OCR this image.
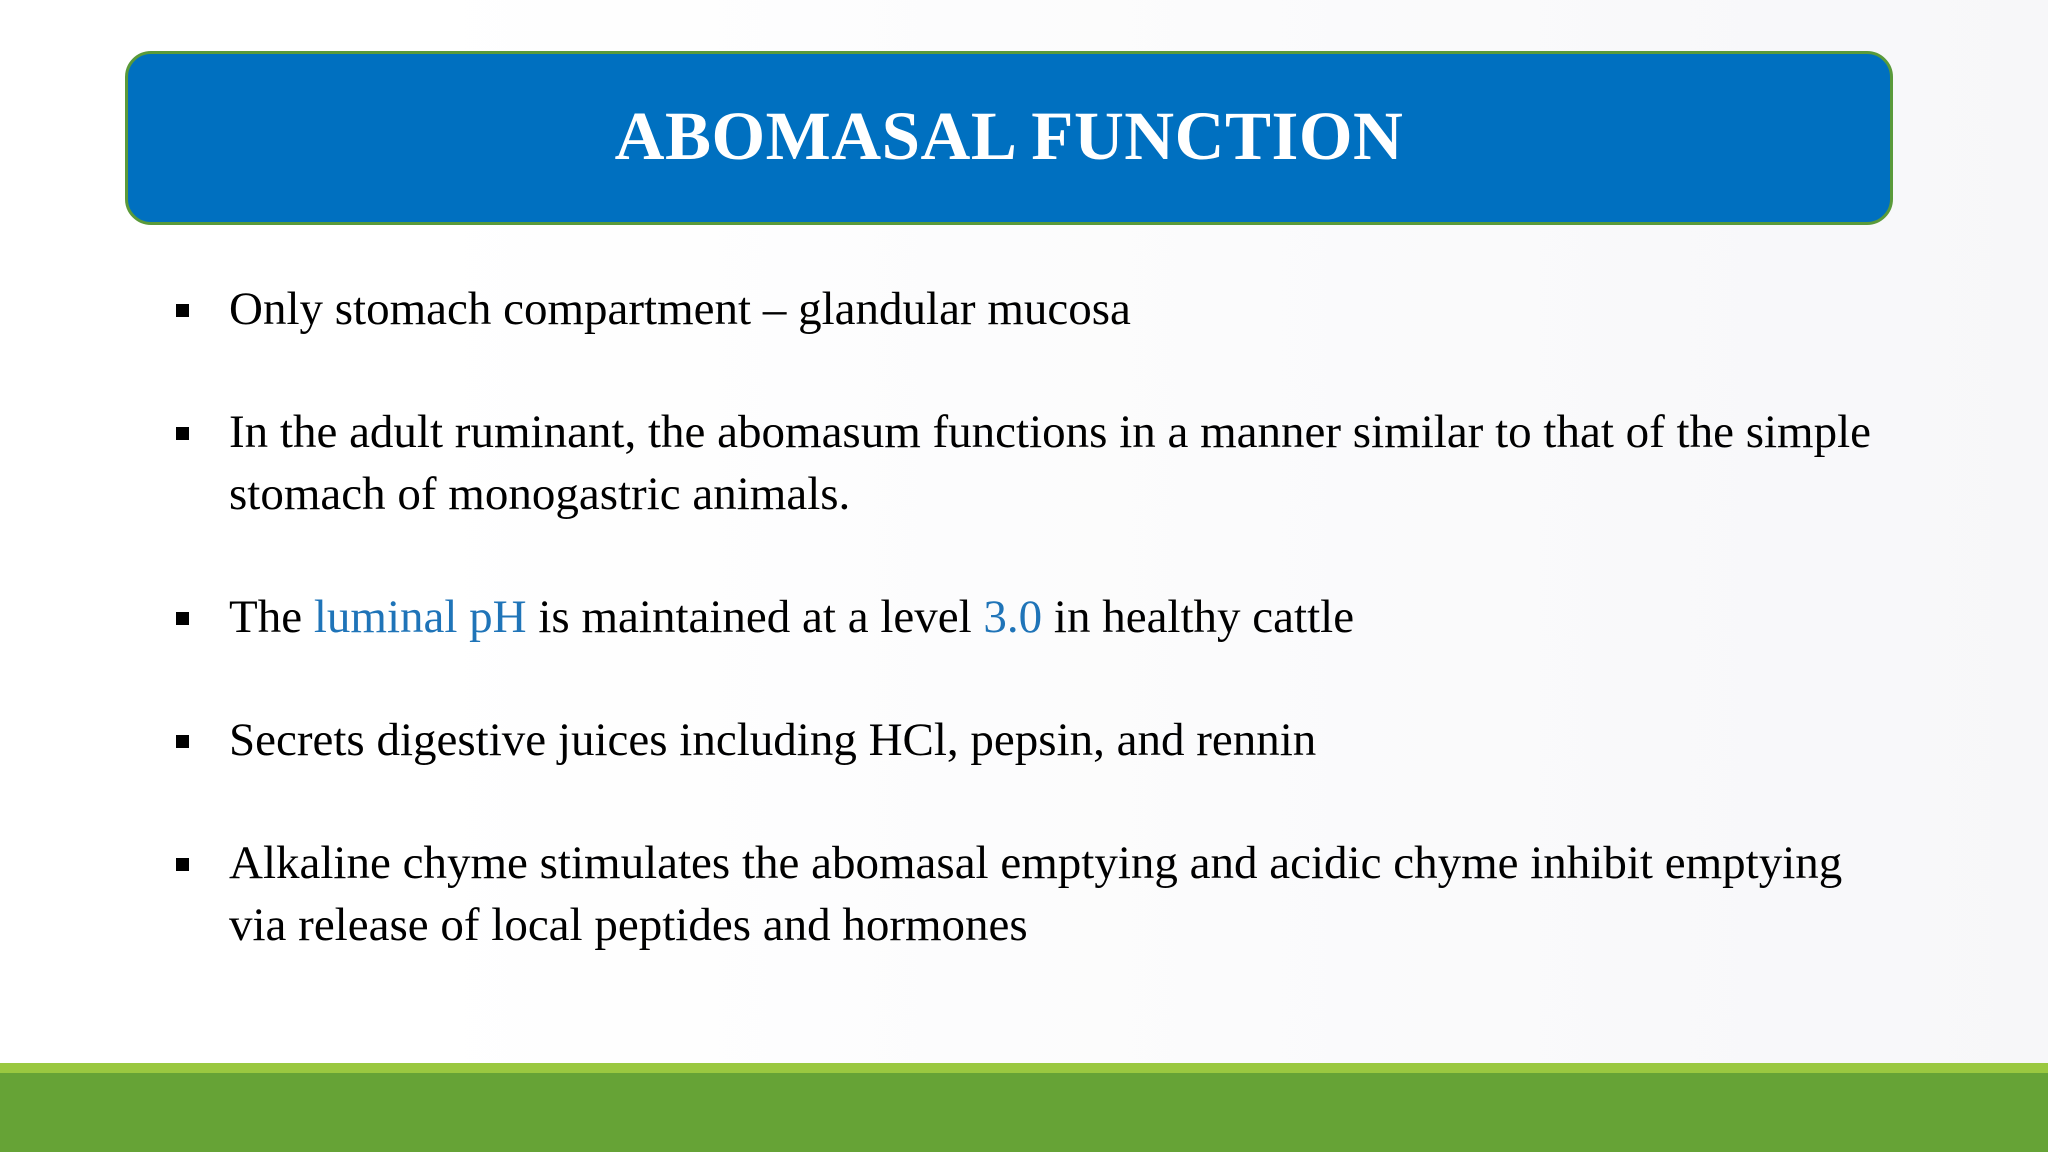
ABOMASAL FUNCTION
Only stomach compartment – glandular mucosa
In the adult ruminant, the abomasum functions in a manner similar to that of the simple stomach of monogastric animals.
The luminal pH is maintained at a level 3.0 in healthy cattle
Secrets digestive juices including HCl, pepsin, and rennin
Alkaline chyme stimulates the abomasal emptying and acidic chyme inhibit emptying via release of local peptides and hormones
